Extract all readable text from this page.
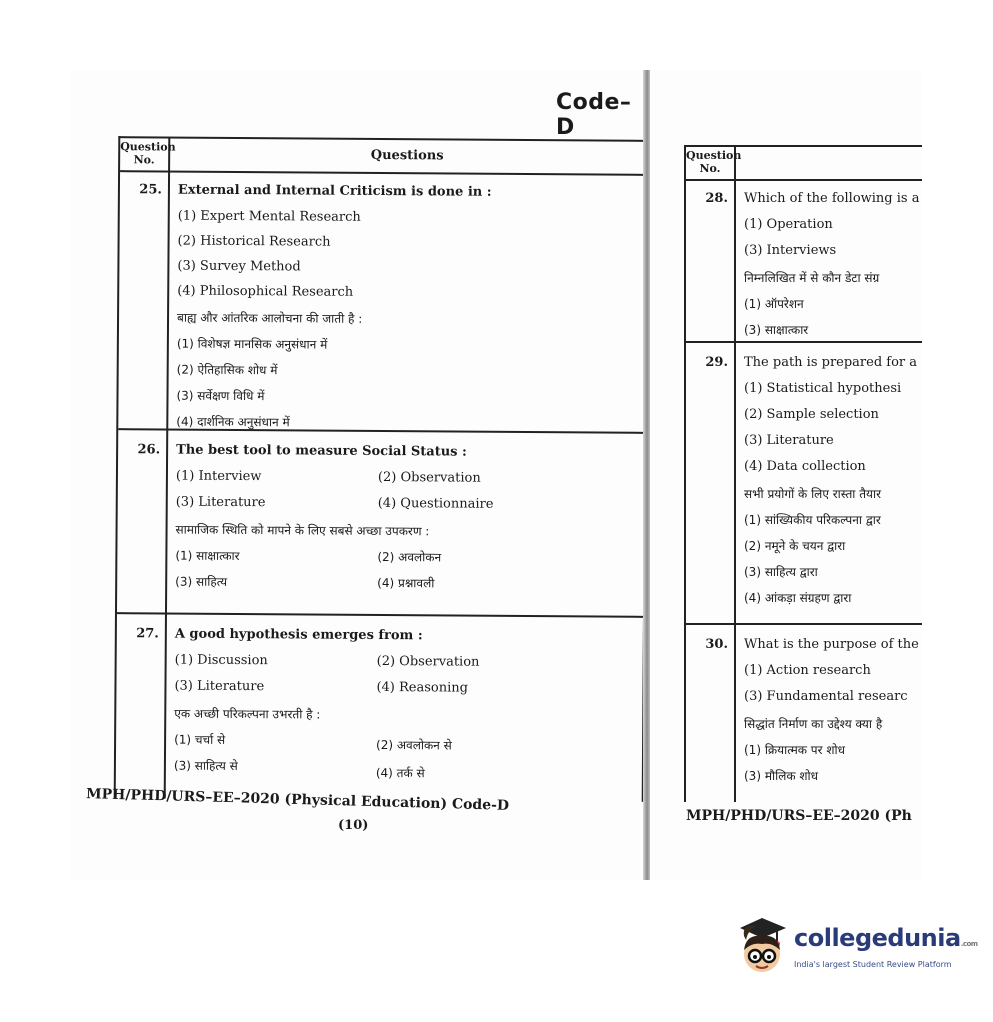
Code–D
Question No.	Questions
25. External and Internal Criticism is done in :
(1) Expert Mental Research
(2) Historical Research
(3) Survey Method
(4) Philosophical Research
बाह्य और आंतरिक आलोचना की जाती है :
(1) विशेषज्ञ मानसिक अनुसंधान में
(2) ऐतिहासिक शोध में
(3) सर्वेक्षण विधि में
(4) दार्शनिक अनुसंधान में
26. The best tool to measure Social Status :
(1) Interview	(2) Observation
(3) Literature	(4) Questionnaire
सामाजिक स्थिति को मापने के लिए सबसे अच्छा उपकरण :
(1) साक्षात्कार	(2) अवलोकन
(3) साहित्य	(4) प्रश्नावली
27. A good hypothesis emerges from :
(1) Discussion	(2) Observation
(3) Literature	(4) Reasoning
एक अच्छी परिकल्पना उभरती है :
(1) चर्चा से	(2) अवलोकन से
(3) साहित्य से
(4) तर्क से
MPH/PHD/URS–EE–2020 (Physical Education) Code-D
(10)
Question No.
28. Which of the following is a
(1) Operation
(3) Interviews
निम्नलिखित में से कौन डेटा संग्र
(1) ऑपरेशन
(3) साक्षात्कार
29. The path is prepared for a
(1) Statistical hypothesi
(2) Sample selection
(3) Literature
(4) Data collection
सभी प्रयोगों के लिए रास्ता तैयार
(1) सांख्यिकीय परिकल्पना द्वार
(2) नमूने के चयन द्वारा
(3) साहित्य द्वारा
(4) आंकड़ा संग्रहण द्वारा
30. What is the purpose of the
(1) Action research
(3) Fundamental researc
सिद्धांत निर्माण का उद्देश्य क्या है
(1) क्रियात्मक पर शोध
(3) मौलिक शोध
MPH/PHD/URS–EE–2020 (Ph
collegedunia.com
India's largest Student Review Platform
